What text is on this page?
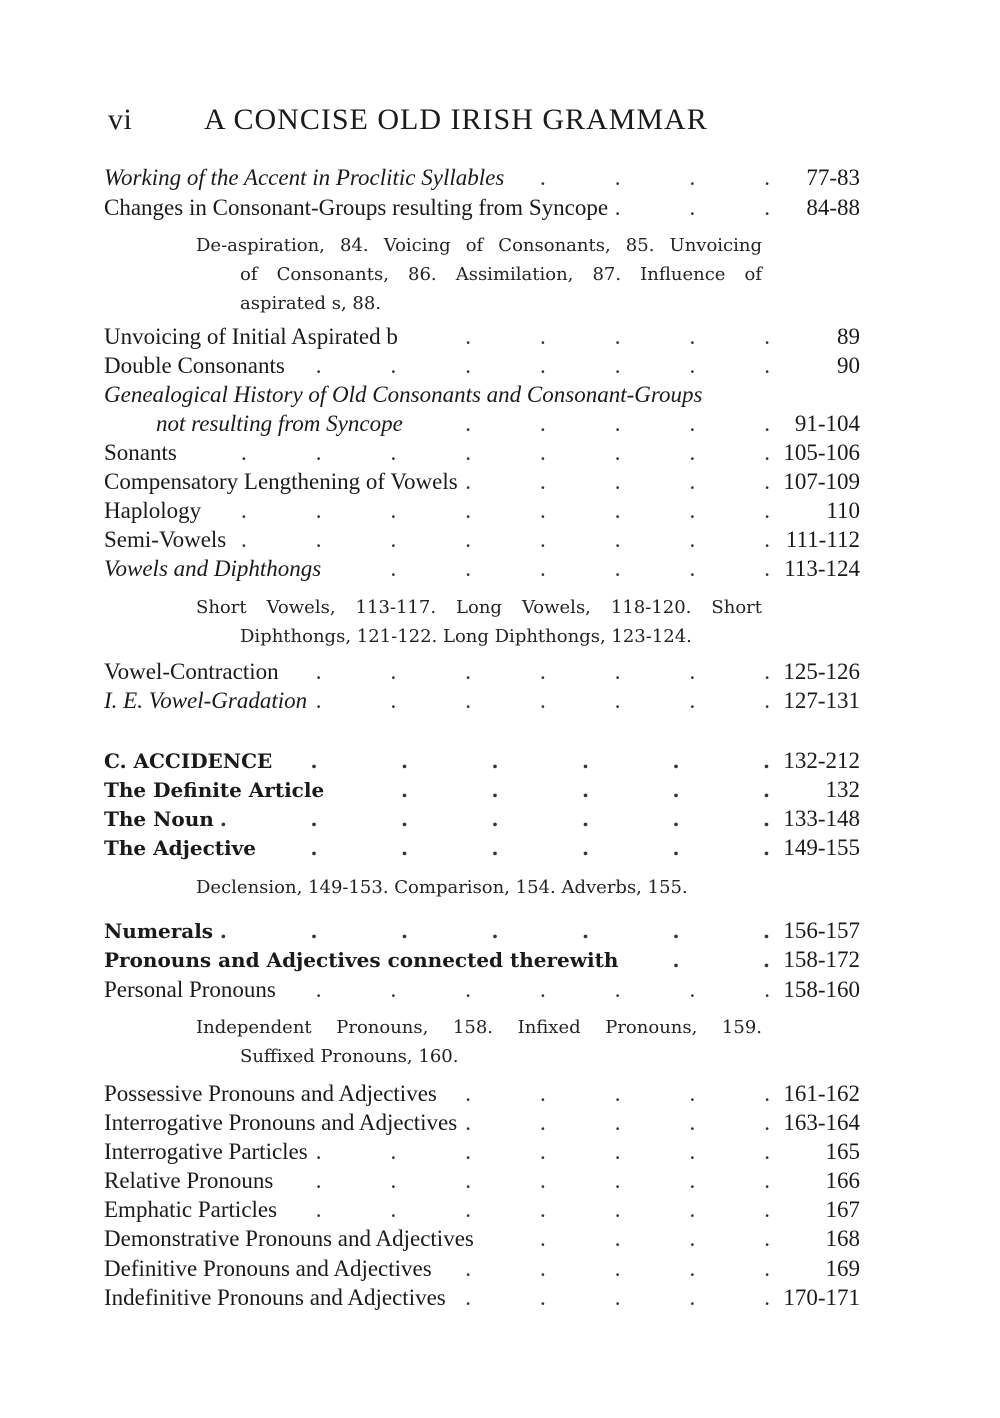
vi A CONCISE OLD IRISH GRAMMAR
Working of the Accent in Proclitic Syllables .	77-83
Changes in Consonant-Groups resulting from Syncope .	84-88
De-aspiration, 84. Voicing of Consonants, 85. Unvoicing
of Consonants, 86. Assimilation, 87. Influence of
aspirated s, 88.
Unvoicing of Initial Aspirated b .	89
Double Consonants .	90
Genealogical History of Old Consonants and Consonant-Groups
not resulting from Syncope .	91-104
Sonants .	105-106
Compensatory Lengthening of Vowels .	107-109
Haplology .	110
Semi-Vowels .	111-112
Vowels and Diphthongs .	113-124
Short Vowels, 113-117. Long Vowels, 118-120. Short
Diphthongs, 121-122. Long Diphthongs, 123-124.
Vowel-Contraction .	125-126
I. E. Vowel-Gradation .	127-131
C. ACCIDENCE .	132-212
The Definite Article .	132
The Noun .	133-148
The Adjective .	149-155
Declension, 149-153. Comparison, 154. Adverbs, 155.
Numerals .	156-157
Pronouns and Adjectives connected therewith .	158-172
Personal Pronouns .	158-160
Independent Pronouns, 158. Infixed Pronouns, 159.
Suffixed Pronouns, 160.
Possessive Pronouns and Adjectives .	161-162
Interrogative Pronouns and Adjectives .	163-164
Interrogative Particles .	165
Relative Pronouns .	166
Emphatic Particles .	167
Demonstrative Pronouns and Adjectives .	168
Definitive Pronouns and Adjectives .	169
Indefinitive Pronouns and Adjectives .	170-171
